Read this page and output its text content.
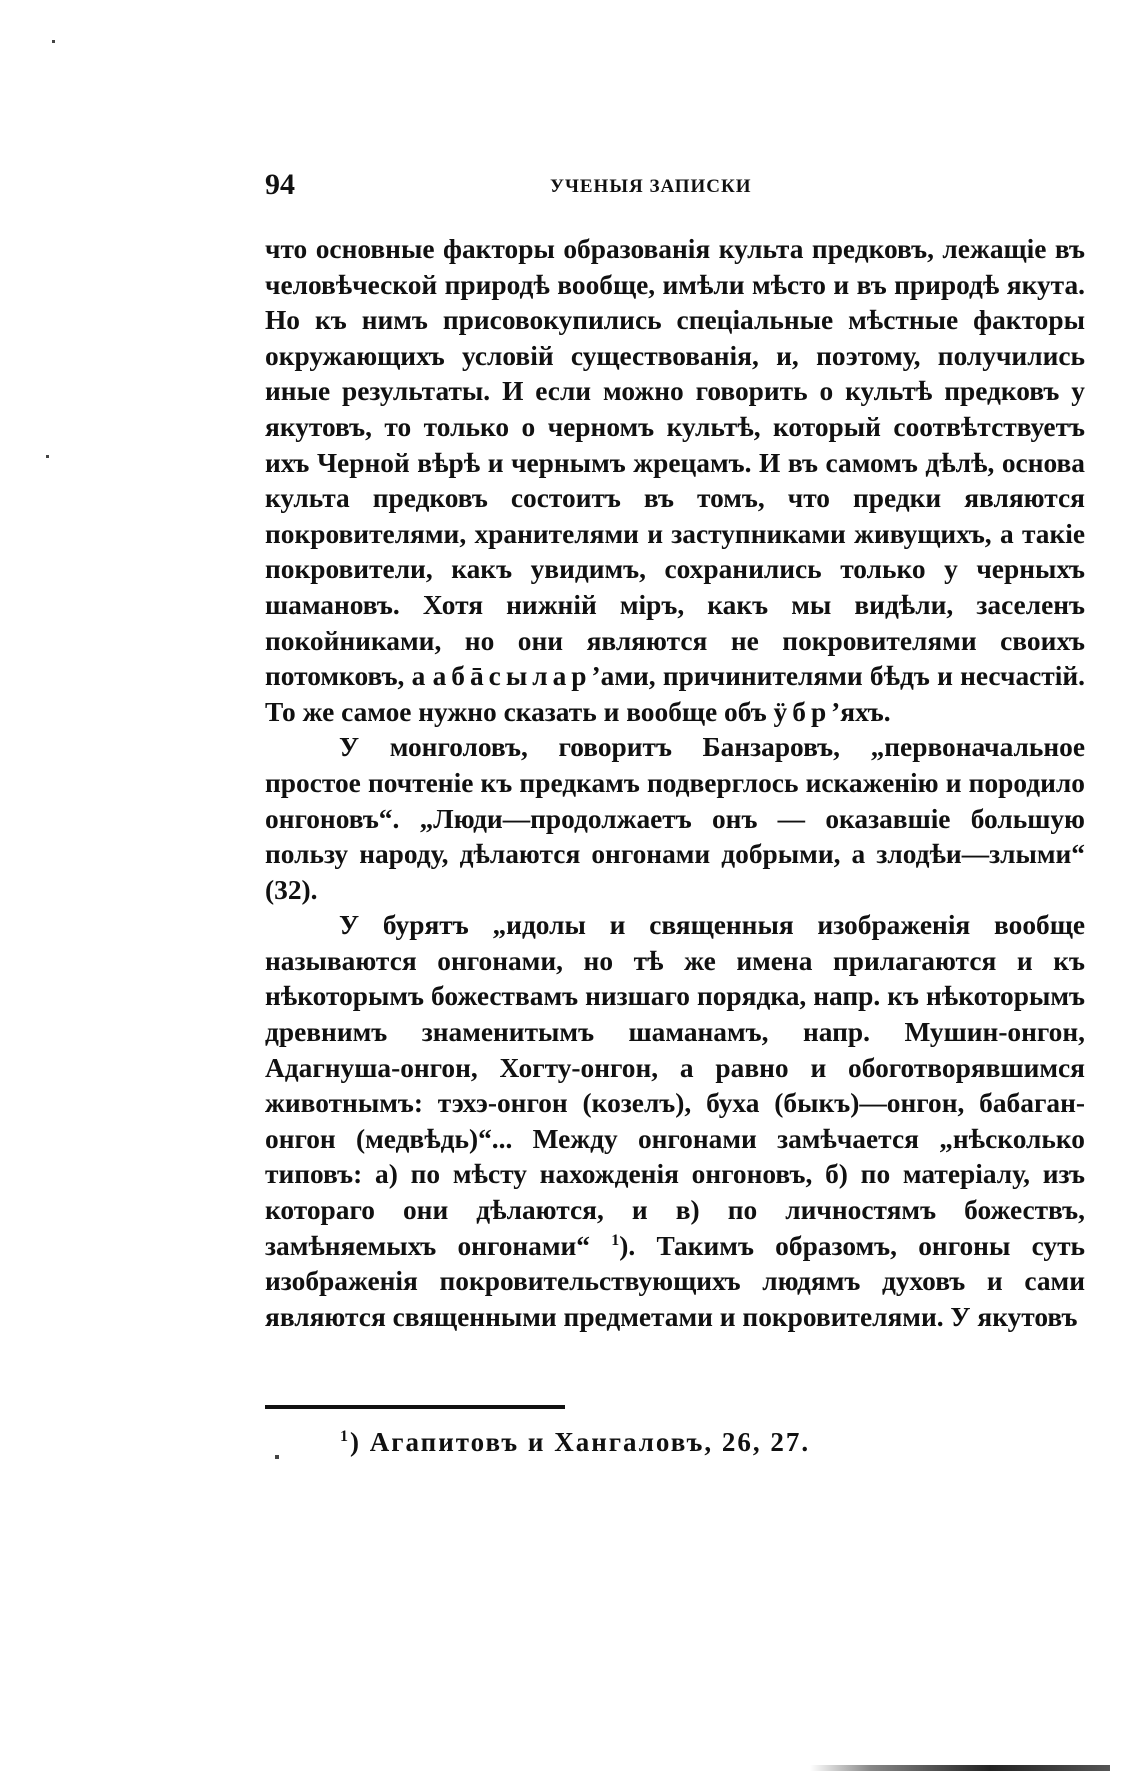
94	УЧЕНЫЯ ЗАПИСКИ

что основные факторы образованія культа предковъ, лежащіе въ человѣческой природѣ вообще, имѣли мѣсто и въ природѣ якута. Но къ нимъ присовокупились спеціальные мѣстные факторы окружающихъ условій существованія, и, поэтому, получились иные результаты. И если можно говорить о культѣ предковъ у якутовъ, то только о черномъ культѣ, который соотвѣтствуетъ ихъ Черной вѣрѣ и чернымъ жрецамъ. И въ самомъ дѣлѣ, основа культа предковъ состоитъ въ томъ, что предки являются покровителями, хранителями и заступниками живущихъ, а такіе покровители, какъ увидимъ, сохранились только у черныхъ шамановъ. Хотя нижній міръ, какъ мы видѣли, заселенъ покойниками, но они являются не покровителями своихъ потомковъ, а абāсылар’ами, причинителями бѣдъ и несчастій. То же самое нужно сказать и вообще объ ӱбр’яхъ.

У монголовъ, говоритъ Банзаровъ, „первоначальное простое почтеніе къ предкамъ подверглось искаженію и породило онгоновъ“. „Люди—продолжаетъ онъ — оказавшіе большую пользу народу, дѣлаются онгонами добрыми, а злодѣи—злыми“ (32).

У бурятъ „идолы и священныя изображенія вообще называются онгонами, но тѣ же имена прилагаются и къ нѣкоторымъ божествамъ низшаго порядка, напр. къ нѣкоторымъ древнимъ знаменитымъ шаманамъ, напр. Мушин-онгон, Адагнуша-онгон, Хогту-онгон, а равно и обоготворявшимся животнымъ: тэхэ-онгон (козелъ), буха (быкъ)—онгон, бабаган-онгон (медвѣдь)“... Между онгонами замѣчается „нѣсколько типовъ: а) по мѣсту нахожденія онгоновъ, б) по матеріалу, изъ котораго они дѣлаются, и в) по личностямъ божествъ, замѣняемыхъ онгонами“ $^1$). Такимъ образомъ, онгоны суть изображенія покровительствующихъ людямъ духовъ и сами являются священными предметами и покровителями. У якутовъ

$^1$) Агапитовъ и Хангаловъ, 26, 27.
